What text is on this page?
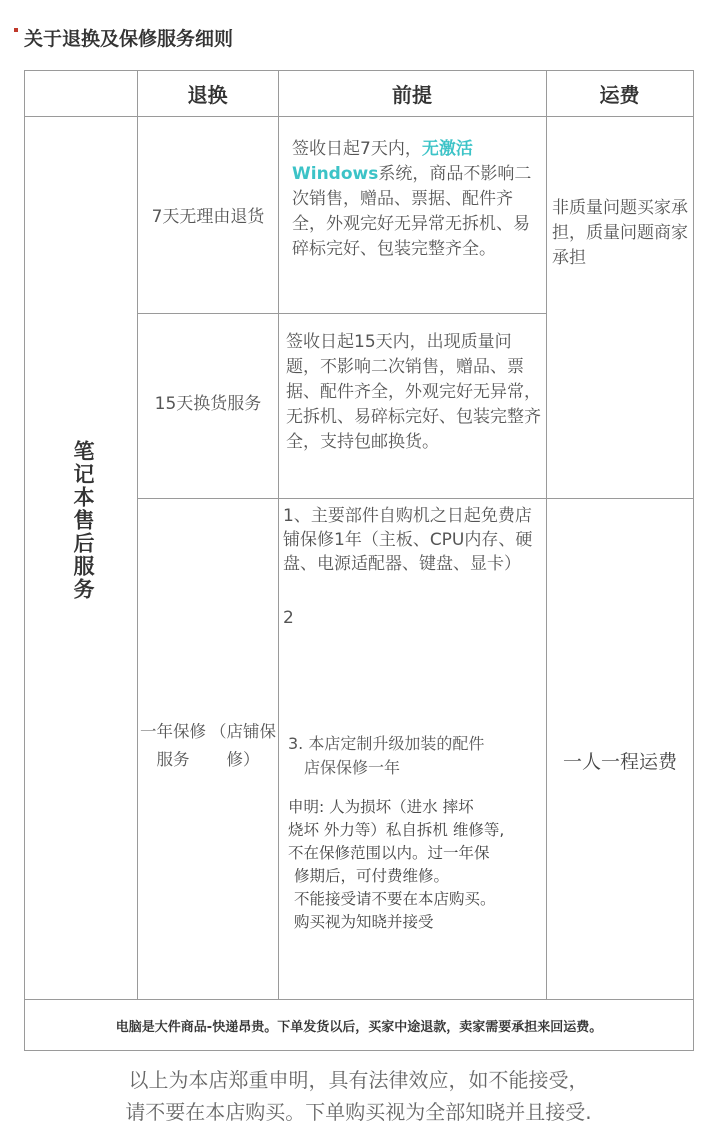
关于退换及保修服务细则
退换	前提	运费
笔记本售后服务
7天无理由退货
签收日起7天内，无激活Windows系统，商品不影响二次销售，赠品、票据、配件齐全，外观完好无异常无拆机、易碎标完好、包装完整齐全。
15天换货服务
签收日起15天内，出现质量问题，不影响二次销售，赠品、票据、配件齐全，外观完好无异常，无拆机、易碎标完好、包装完整齐全，支持包邮换货。
一年保修服务
（店铺保修）
1、主要部件自购机之日起免费店铺保修1年（主板、CPU内存、硬盘、电源适配器、键盘、显卡）
2
3. 本店定制升级加装的配件
店保保修一年
申明: 人为损坏（进水 摔坏
烧坏 外力等）私自拆机 维修等,
不在保修范围以内。过一年保
修期后，可付费维修。
不能接受请不要在本店购买。
购买视为知晓并接受
非质量问题买家承担，质量问题商家承担
一人一程运费
电脑是大件商品-快递昂贵。下单发货以后，买家中途退款，卖家需要承担来回运费。
以上为本店郑重申明，具有法律效应，如不能接受，
请不要在本店购买。下单购买视为全部知晓并且接受.
